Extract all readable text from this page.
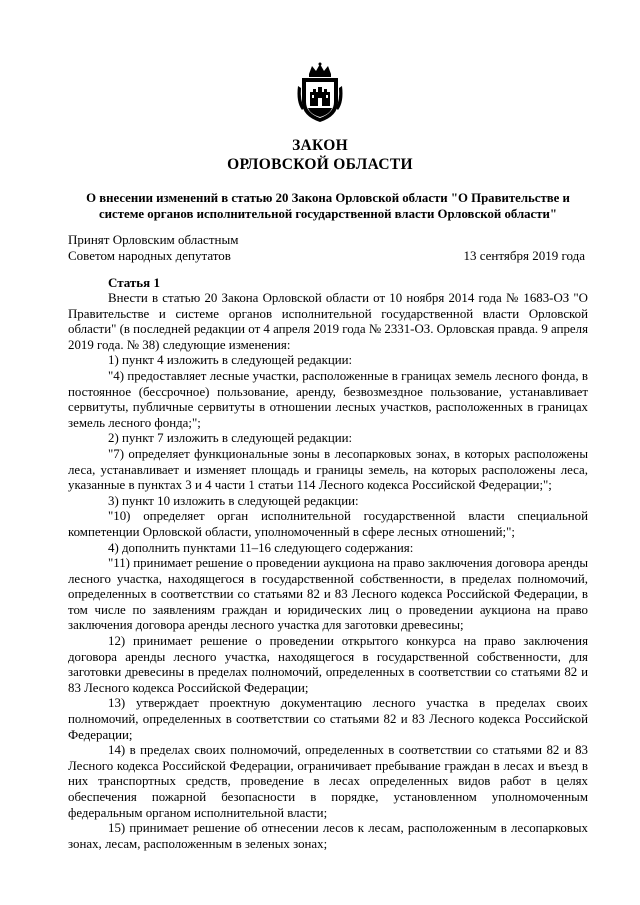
ЗАКОН
ОРЛОВСКОЙ ОБЛАСТИ
О внесении изменений в статью 20 Закона Орловской области "О Правительстве и системе органов исполнительной государственной власти Орловской области"
Принят Орловским областным
Советом народных депутатов	13 сентября 2019 года
Статья 1

Внести в статью 20 Закона Орловской области от 10 ноября 2014 года № 1683-ОЗ "О Правительстве и системе органов исполнительной государственной власти Орловской области" (в последней редакции от 4 апреля 2019 года № 2331-ОЗ. Орловская правда. 9 апреля 2019 года. № 38) следующие изменения:

1) пункт 4 изложить в следующей редакции:

"4) предоставляет лесные участки, расположенные в границах земель лесного фонда, в постоянное (бессрочное) пользование, аренду, безвозмездное пользование, устанавливает сервитуты, публичные сервитуты в отношении лесных участков, расположенных в границах земель лесного фонда;";

2) пункт 7 изложить в следующей редакции:

"7) определяет функциональные зоны в лесопарковых зонах, в которых расположены леса, устанавливает и изменяет площадь и границы земель, на которых расположены леса, указанные в пунктах 3 и 4 части 1 статьи 114 Лесного кодекса Российской Федерации;";

3) пункт 10 изложить в следующей редакции:

"10) определяет орган исполнительной государственной власти специальной компетенции Орловской области, уполномоченный в сфере лесных отношений;";

4) дополнить пунктами 11–16 следующего содержания:

"11) принимает решение о проведении аукциона на право заключения договора аренды лесного участка, находящегося в государственной собственности, в пределах полномочий, определенных в соответствии со статьями 82 и 83 Лесного кодекса Российской Федерации, в том числе по заявлениям граждан и юридических лиц о проведении аукциона на право заключения договора аренды лесного участка для заготовки древесины;

12) принимает решение о проведении открытого конкурса на право заключения договора аренды лесного участка, находящегося в государственной собственности, для заготовки древесины в пределах полномочий, определенных в соответствии со статьями 82 и 83 Лесного кодекса Российской Федерации;

13) утверждает проектную документацию лесного участка в пределах своих полномочий, определенных в соответствии со статьями 82 и 83 Лесного кодекса Российской Федерации;

14) в пределах своих полномочий, определенных в соответствии со статьями 82 и 83 Лесного кодекса Российской Федерации, ограничивает пребывание граждан в лесах и въезд в них транспортных средств, проведение в лесах определенных видов работ в целях обеспечения пожарной безопасности в порядке, установленном уполномоченным федеральным органом исполнительной власти;

15) принимает решение об отнесении лесов к лесам, расположенным в лесопарковых зонах, лесам, расположенным в зеленых зонах;
